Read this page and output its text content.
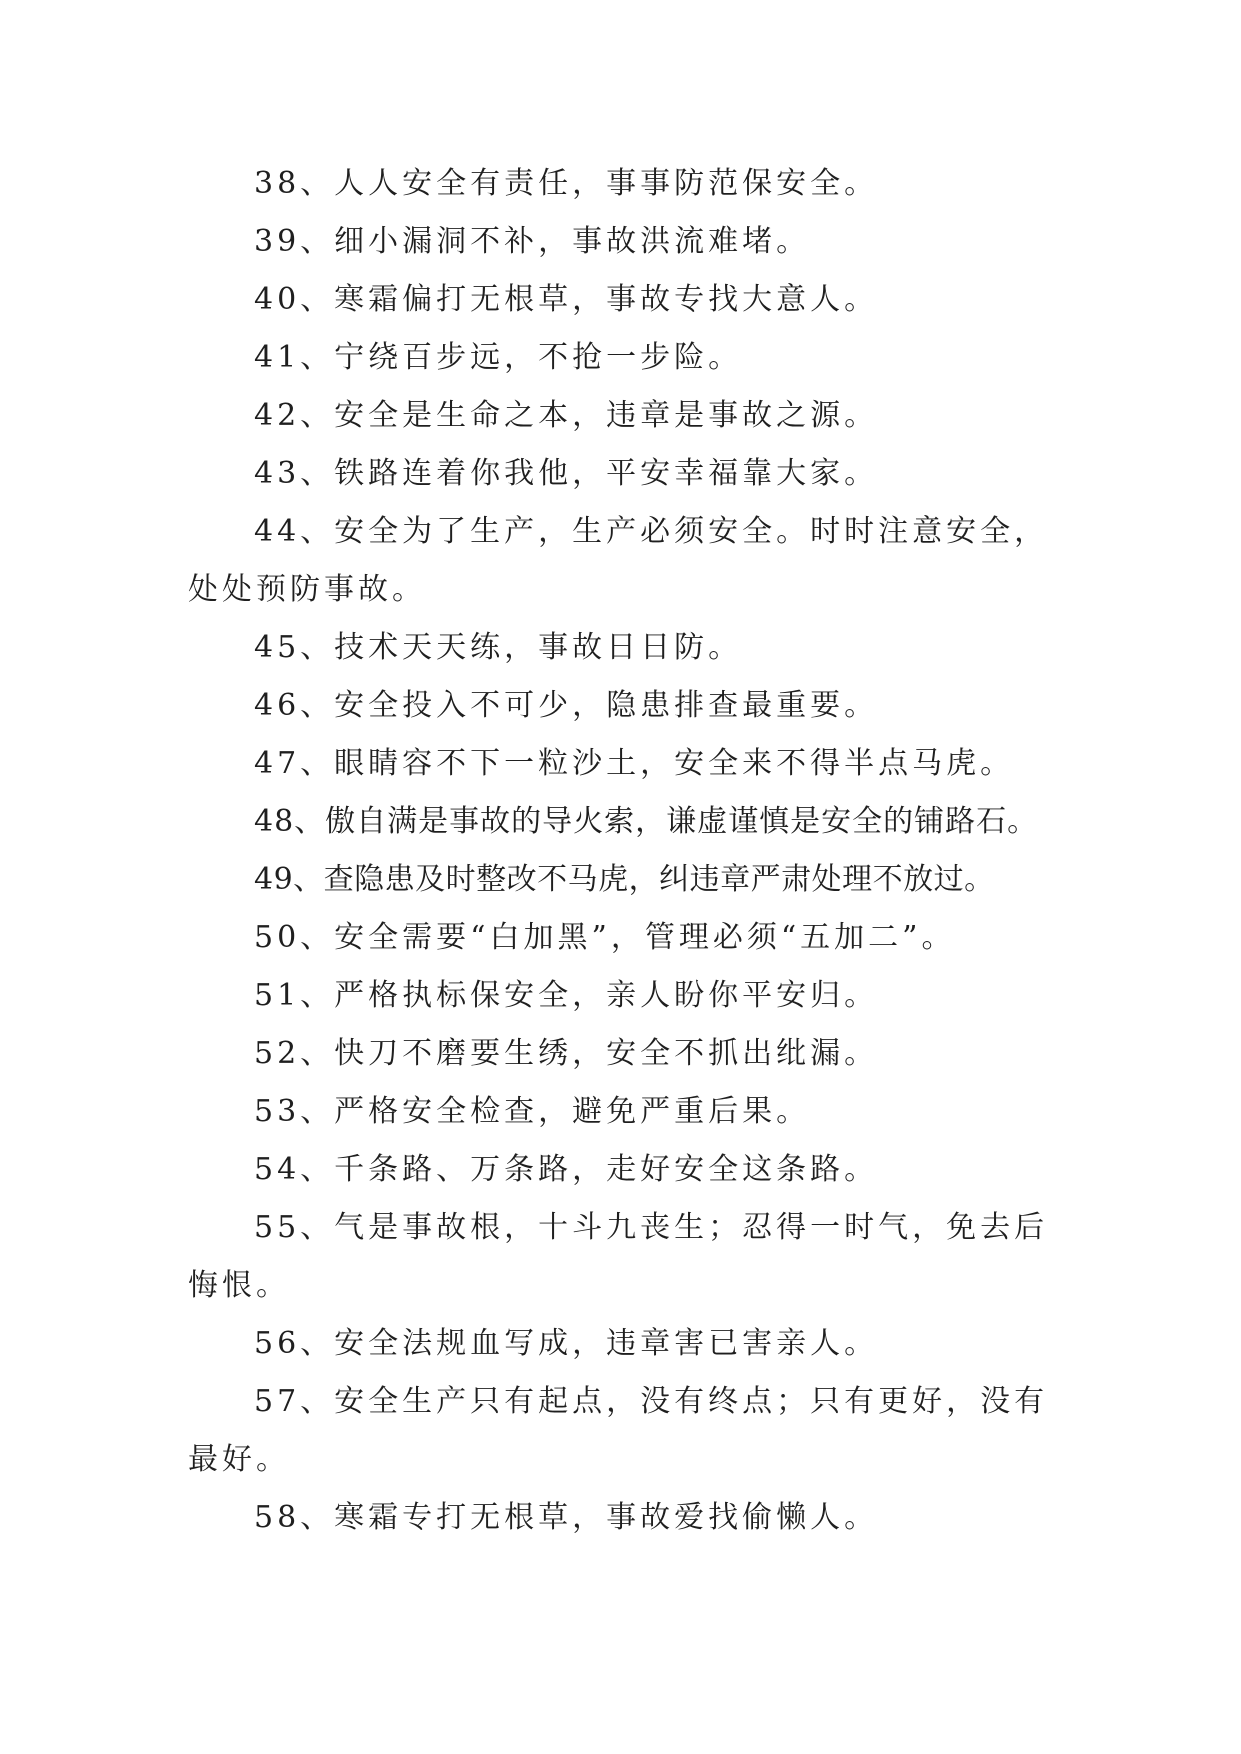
38、人人安全有责任，事事防范保安全。

39、细小漏洞不补，事故洪流难堵。

40、寒霜偏打无根草，事故专找大意人。

41、宁绕百步远，不抢一步险。

42、安全是生命之本，违章是事故之源。

43、铁路连着你我他，平安幸福靠大家。

44、安全为了生产，生产必须安全。时时注意安全，处处预防事故。

45、技术天天练，事故日日防。

46、安全投入不可少，隐患排查最重要。

47、眼睛容不下一粒沙土，安全来不得半点马虎。

48、傲自满是事故的导火索，谦虚谨慎是安全的铺路石。

49、查隐患及时整改不马虎，纠违章严肃处理不放过。

50、安全需要“白加黑”，管理必须“五加二”。

51、严格执标保安全，亲人盼你平安归。

52、快刀不磨要生绣，安全不抓出纰漏。

53、严格安全检查，避免严重后果。

54、千条路、万条路，走好安全这条路。

55、气是事故根，十斗九丧生；忍得一时气，免去后悔恨。

56、安全法规血写成，违章害已害亲人。

57、安全生产只有起点，没有终点；只有更好，没有最好。

58、寒霜专打无根草，事故爱找偷懒人。
